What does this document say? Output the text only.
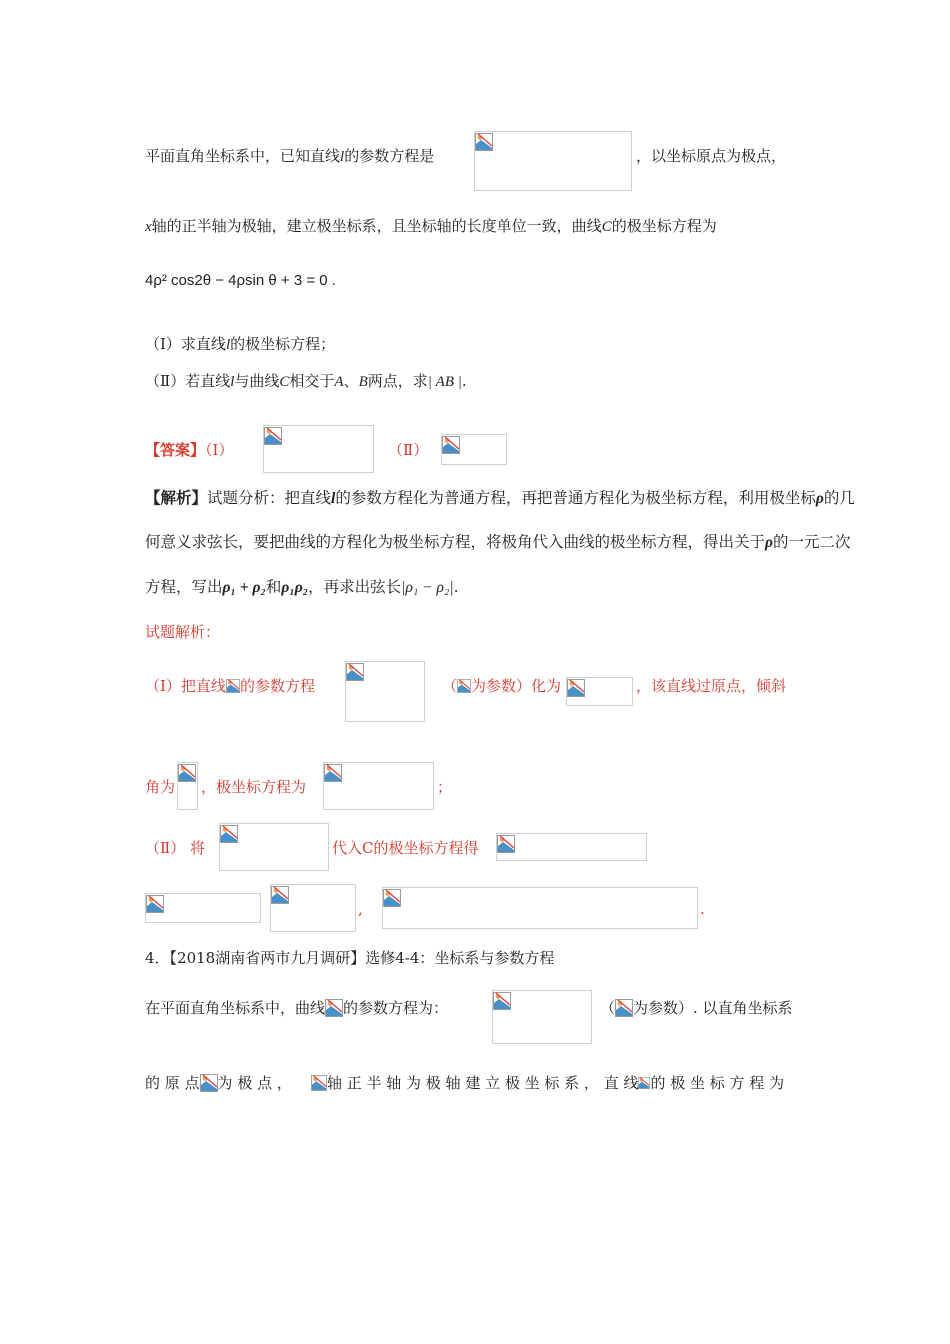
平面直角坐标系中，已知直线l的参数方程是	，以坐标原点为极点，
x轴的正半轴为极轴，建立极坐标系，且坐标轴的长度单位一致，曲线C的极坐标方程为
4ρ² cos2θ − 4ρsin θ + 3 = 0 .
（Ⅰ）求直线l的极坐标方程；
（Ⅱ）若直线l与曲线C相交于A、B两点，求| AB |.
【答案】（Ⅰ）	（Ⅱ）
【解析】试题分析：把直线l的参数方程化为普通方程，再把普通方程化为极坐标方程，利用极坐标ρ的几
何意义求弦长，要把曲线的方程化为极坐标方程，将极角代入曲线的极坐标方程，得出关于ρ的一元二次
方程，写出ρ₁ + ρ₂和ρ₁ρ₂，再求出弦长|ρ₁ − ρ₂|.
试题解析：
（Ⅰ）把直线 的参数方程	（ 为参数）化为	，该直线过原点，倾斜
角为 ，极坐标方程为	；
（Ⅱ） 将	代入C的极坐标方程得
,	.
4．【2018湖南省两市九月调研】选修4-4：坐标系与参数方程
在平面直角坐标系中，曲线 的参数方程为：	（ 为参数）. 以直角坐标系
的 原 点 为 极 点 ， 轴 正 半 轴 为 极 轴 建 立 极 坐 标 系 ， 直 线 的 极 坐 标 方 程 为
